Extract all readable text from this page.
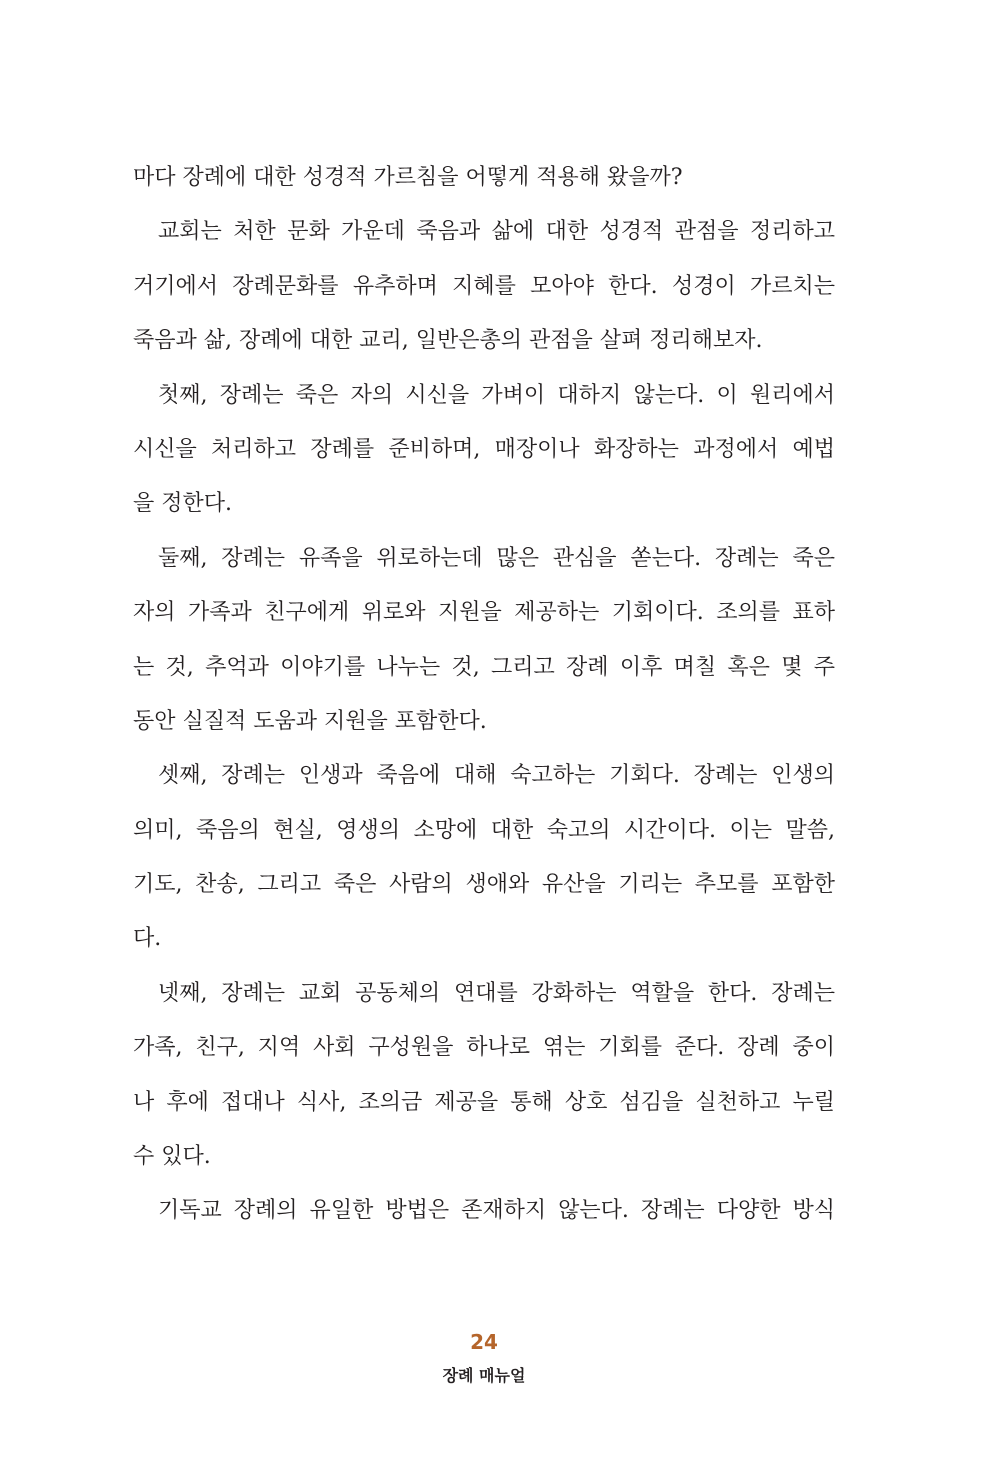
마다 장례에 대한 성경적 가르침을 어떻게 적용해 왔을까?
교회는 처한 문화 가운데 죽음과 삶에 대한 성경적 관점을 정리하고
거기에서 장례문화를 유추하며 지혜를 모아야 한다. 성경이 가르치는
죽음과 삶, 장례에 대한 교리, 일반은총의 관점을 살펴 정리해보자.
첫째, 장례는 죽은 자의 시신을 가벼이 대하지 않는다. 이 원리에서
시신을 처리하고 장례를 준비하며, 매장이나 화장하는 과정에서 예법
을 정한다.
둘째, 장례는 유족을 위로하는데 많은 관심을 쏟는다. 장례는 죽은
자의 가족과 친구에게 위로와 지원을 제공하는 기회이다. 조의를 표하
는 것, 추억과 이야기를 나누는 것, 그리고 장례 이후 며칠 혹은 몇 주
동안 실질적 도움과 지원을 포함한다.
셋째, 장례는 인생과 죽음에 대해 숙고하는 기회다. 장례는 인생의
의미, 죽음의 현실, 영생의 소망에 대한 숙고의 시간이다. 이는 말씀,
기도, 찬송, 그리고 죽은 사람의 생애와 유산을 기리는 추모를 포함한
다.
넷째, 장례는 교회 공동체의 연대를 강화하는 역할을 한다. 장례는
가족, 친구, 지역 사회 구성원을 하나로 엮는 기회를 준다. 장례 중이
나 후에 접대나 식사, 조의금 제공을 통해 상호 섬김을 실천하고 누릴
수 있다.
기독교 장례의 유일한 방법은 존재하지 않는다. 장례는 다양한 방식
24
장례 매뉴얼
